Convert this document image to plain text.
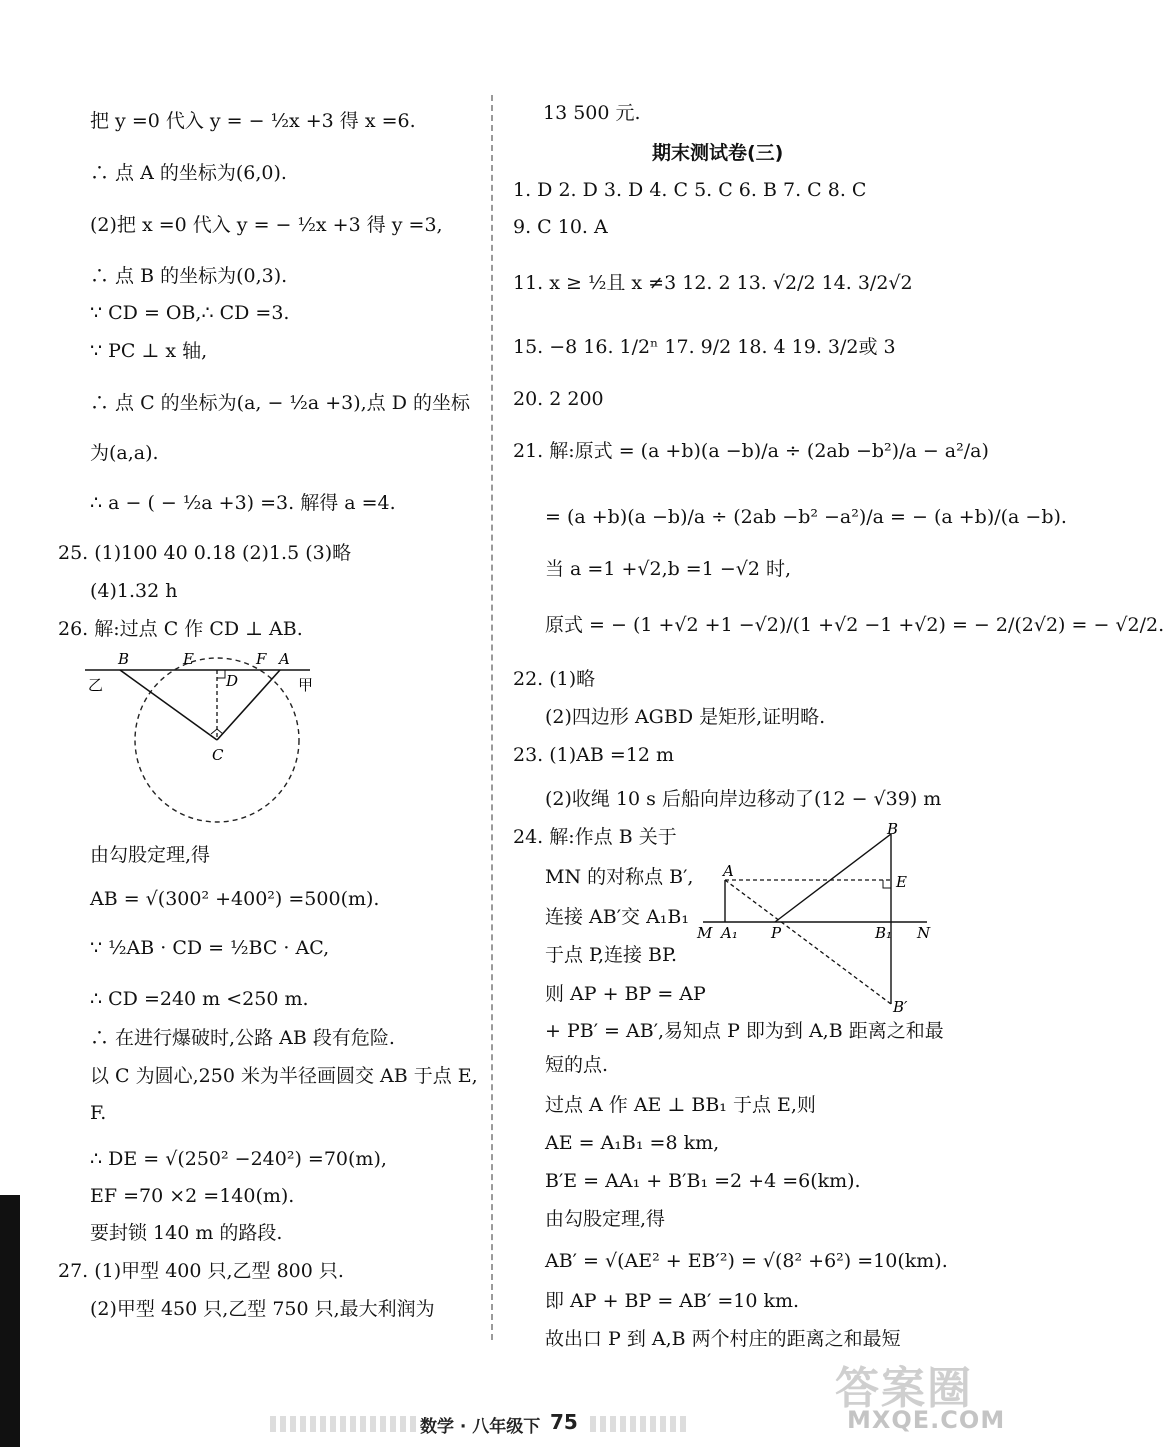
把 y =0 代入 y = − ½x +3 得 x =6.
∴ 点 A 的坐标为(6,0).
(2)把 x =0 代入 y = − ½x +3 得 y =3,
∴ 点 B 的坐标为(0,3).
∵ CD = OB,∴ CD =3.
∵ PC ⊥ x 轴,
∴ 点 C 的坐标为(a, − ½a +3),点 D 的坐标
为(a,a).
∴ a − ( − ½a +3) =3. 解得 a =4.
25. (1)100 40 0.18 (2)1.5 (3)略
(4)1.32 h
26. 解:过点 C 作 CD ⊥ AB.
B	E	F A
D
C
乙	甲
由勾股定理,得
AB = √(300² +400²) =500(m).
∵ ½AB · CD = ½BC · AC,
∴ CD =240 m <250 m.
∴ 在进行爆破时,公路 AB 段有危险.
以 C 为圆心,250 米为半径画圆交 AB 于点 E,
F.
∴ DE = √(250² −240²) =70(m),
EF =70 ×2 =140(m).
要封锁 140 m 的路段.
27. (1)甲型 400 只,乙型 800 只.
(2)甲型 450 只,乙型 750 只,最大利润为
13 500 元.
期末测试卷(三)
1. D 2. D 3. D 4. C 5. C 6. B 7. C 8. C
9. C 10. A
11. x ≥ ½且 x ≠3 12. 2 13. √2/2 14. 3/2√2
15. −8 16. 1/2ⁿ 17. 9/2 18. 4 19. 3/2或 3
20. 2 200
21. 解:原式 = (a +b)(a −b)/a ÷ (2ab −b²)/a − a²/a)
= (a +b)(a −b)/a ÷ (2ab −b² −a²)/a = − (a +b)/(a −b).
当 a =1 +√2,b =1 −√2 时,
原式 = − (1 +√2 +1 −√2)/(1 +√2 −1 +√2) = − 2/(2√2) = − √2/2.
22. (1)略
(2)四边形 AGBD 是矩形,证明略.
23. (1)AB =12 m
(2)收绳 10 s 后船向岸边移动了(12 − √39) m
24. 解:作点 B 关于
MN 的对称点 B′,
连接 AB′交 A₁B₁
于点 P,连接 BP.
则 AP + BP = AP
A
B
E
M A₁ P	B₁ N
B′
+ PB′ = AB′,易知点 P 即为到 A,B 距离之和最
短的点.
过点 A 作 AE ⊥ BB₁ 于点 E,则
AE = A₁B₁ =8 km,
B′E = AA₁ + B′B₁ =2 +4 =6(km).
由勾股定理,得
AB′ = √(AE² + EB′²) = √(8² +6²) =10(km).
即 AP + BP = AB′ =10 km.
故出口 P 到 A,B 两个村庄的距离之和最短
数学 · 八年级下 75
答案圈
MXQE.COM
